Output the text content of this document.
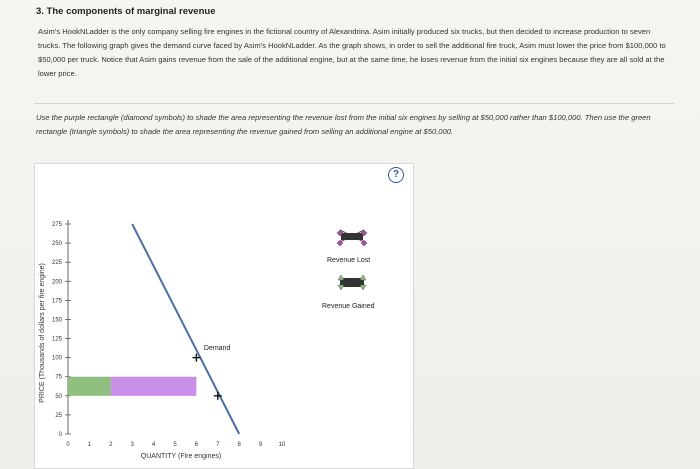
3. The components of marginal revenue
Asim's HookNLadder is the only company selling fire engines in the fictional country of Alexandrina. Asim initially produced six trucks, but then decided to increase production to seven trucks. The following graph gives the demand curve faced by Asim's HookNLadder. As the graph shows, in order to sell the additional fire truck, Asim must lower the price from $100,000 to $50,000 per truck. Notice that Asim gains revenue from the sale of the additional engine, but at the same time, he loses revenue from the initial six engines because they are all sold at the lower price.
Use the purple rectangle (diamond symbols) to shade the area representing the revenue lost from the initial six engines by selling at $50,000 rather than $100,000. Then use the green rectangle (triangle symbols) to shade the area representing the revenue gained from selling an additional engine at $50,000.
0
25
50
75
100
125
150
175
200
225
250
275
0	1	2	3	4	5	6	7	8	9	10
QUANTITY (Fire engines)
PRICE (Thousands of dollars per fire engine)	Demand
Revenue Lost
Revenue Gained
?
